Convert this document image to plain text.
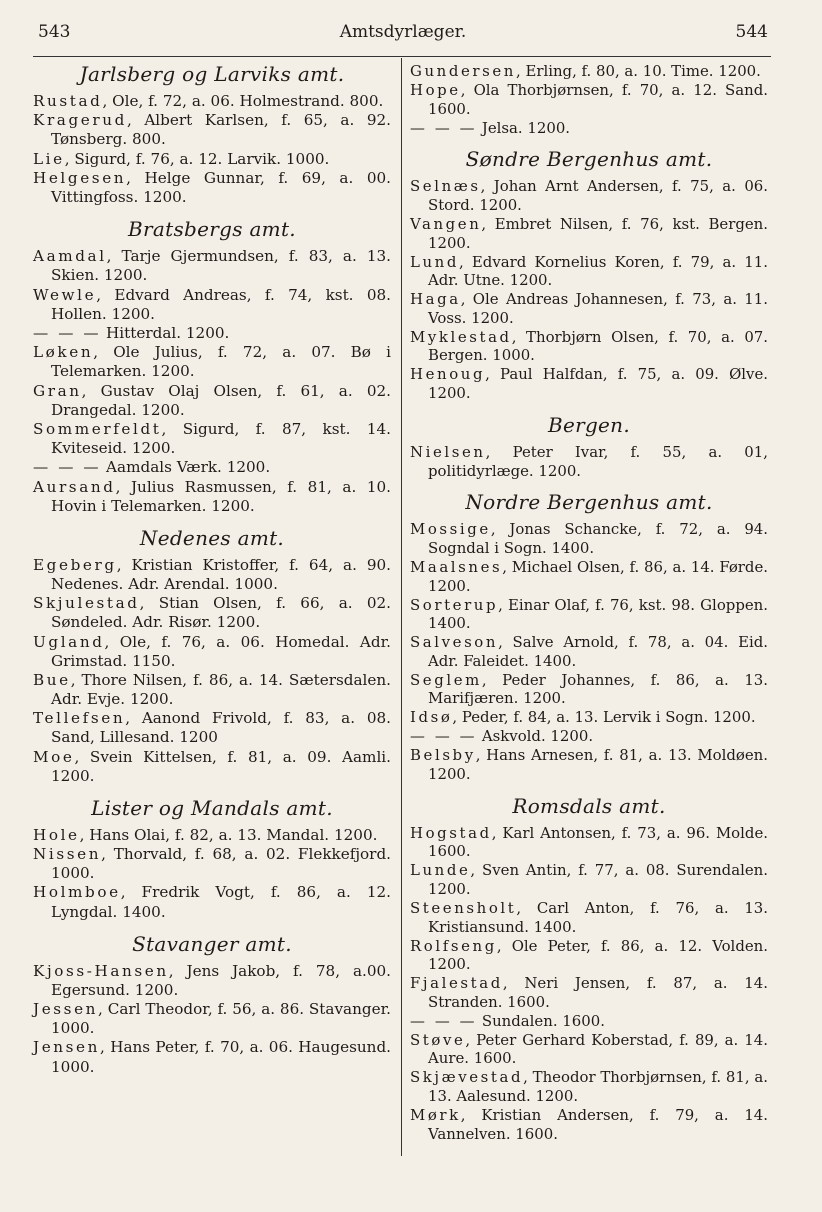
543	Amtsdyrlæger.	544
Jarlsberg og Larviks amt.
Rustad, Ole, f. 72, a. 06. Holmestrand. 800.
Kragerud, Albert Karlsen, f. 65, a. 92. Tønsberg. 800.
Lie, Sigurd, f. 76, a. 12. Larvik. 1000.
Helgesen, Helge Gunnar, f. 69, a. 00. Vittingfoss. 1200.
Bratsbergs amt.
Aamdal, Tarje Gjermundsen, f. 83, a. 13. Skien. 1200.
Wewle, Edvard Andreas, f. 74, kst. 08. Hollen. 1200.
— — — Hitterdal. 1200.
Løken, Ole Julius, f. 72, a. 07. Bø i Telemarken. 1200.
Gran, Gustav Olaj Olsen, f. 61, a. 02. Drangedal. 1200.
Sommerfeldt, Sigurd, f. 87, kst. 14. Kviteseid. 1200.
— — — Aamdals Værk. 1200.
Aursand, Julius Rasmussen, f. 81, a. 10. Hovin i Telemarken. 1200.
Nedenes amt.
Egeberg, Kristian Kristoffer, f. 64, a. 90. Nedenes. Adr. Arendal. 1000.
Skjulestad, Stian Olsen, f. 66, a. 02. Søndeled. Adr. Risør. 1200.
Ugland, Ole, f. 76, a. 06. Homedal. Adr. Grimstad. 1150.
Bue, Thore Nilsen, f. 86, a. 14. Sætersdalen. Adr. Evje. 1200.
Tellefsen, Aanond Frivold, f. 83, a. 08. Sand, Lillesand. 1200
Moe, Svein Kittelsen, f. 81, a. 09. Aamli. 1200.
Lister og Mandals amt.
Hole, Hans Olai, f. 82, a. 13. Mandal. 1200.
Nissen, Thorvald, f. 68, a. 02. Flekkefjord. 1000.
Holmboe, Fredrik Vogt, f. 86, a. 12. Lyngdal. 1400.
Stavanger amt.
Kjoss-Hansen, Jens Jakob, f. 78, a.00. Egersund. 1200.
Jessen, Carl Theodor, f. 56, a. 86. Stavanger. 1000.
Jensen, Hans Peter, f. 70, a. 06. Haugesund. 1000.
Gundersen, Erling, f. 80, a. 10. Time. 1200.
Hope, Ola Thorbjørnsen, f. 70, a. 12. Sand. 1600.
— — — Jelsa. 1200.
Søndre Bergenhus amt.
Selnæs, Johan Arnt Andersen, f. 75, a. 06. Stord. 1200.
Vangen, Embret Nilsen, f. 76, kst. Bergen. 1200.
Lund, Edvard Kornelius Koren, f. 79, a. 11. Adr. Utne. 1200.
Haga, Ole Andreas Johannesen, f. 73, a. 11. Voss. 1200.
Myklestad, Thorbjørn Olsen, f. 70, a. 07. Bergen. 1000.
Henoug, Paul Halfdan, f. 75, a. 09. Ølve. 1200.
Bergen.
Nielsen, Peter Ivar, f. 55, a. 01, politidyrlæge. 1200.
Nordre Bergenhus amt.
Mossige, Jonas Schancke, f. 72, a. 94. Sogndal i Sogn. 1400.
Maalsnes, Michael Olsen, f. 86, a. 14. Førde. 1200.
Sorterup, Einar Olaf, f. 76, kst. 98. Gloppen. 1400.
Salveson, Salve Arnold, f. 78, a. 04. Eid. Adr. Faleidet. 1400.
Seglem, Peder Johannes, f. 86, a. 13. Marifjæren. 1200.
Idsø, Peder, f. 84, a. 13. Lervik i Sogn. 1200.
— — — Askvold. 1200.
Belsby, Hans Arnesen, f. 81, a. 13. Moldøen. 1200.
Romsdals amt.
Hogstad, Karl Antonsen, f. 73, a. 96. Molde. 1600.
Lunde, Sven Antin, f. 77, a. 08. Surendalen. 1200.
Steensholt, Carl Anton, f. 76, a. 13. Kristiansund. 1400.
Rolfseng, Ole Peter, f. 86, a. 12. Volden. 1200.
Fjalestad, Neri Jensen, f. 87, a. 14. Stranden. 1600.
— — — Sundalen. 1600.
Støve, Peter Gerhard Koberstad, f. 89, a. 14. Aure. 1600.
Skjævestad, Theodor Thorbjørnsen, f. 81, a. 13. Aalesund. 1200.
Mørk, Kristian Andersen, f. 79, a. 14. Vannelven. 1600.
